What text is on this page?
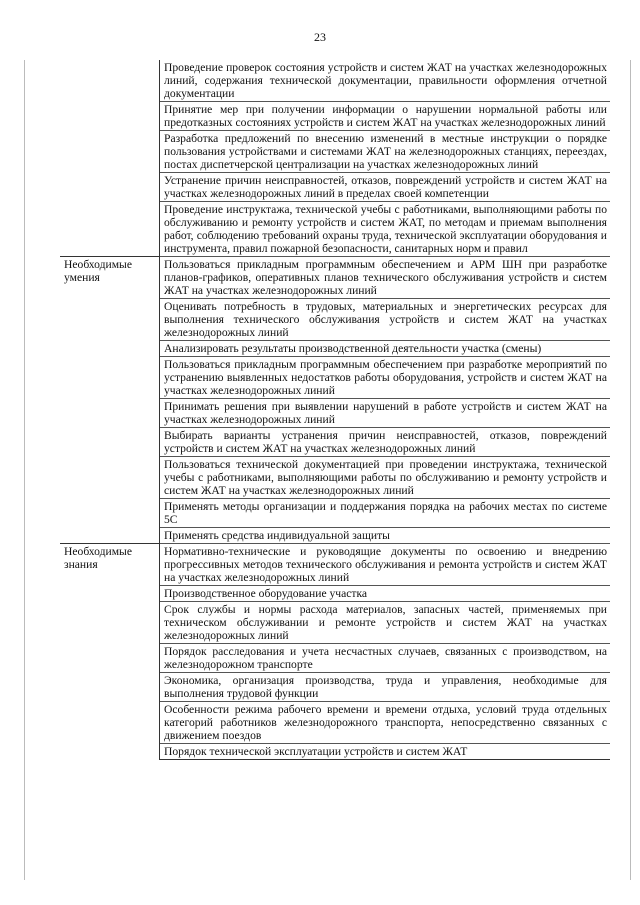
23
	Проведение проверок состояния устройств и систем ЖАТ на участках железнодорожных линий, содержания технической документации, правильности оформления отчетной документации
	Принятие мер при получении информации о нарушении нормальной работы или предотказных состояниях устройств и систем ЖАТ на участках железнодорожных линий
	Разработка предложений по внесению изменений в местные инструкции о порядке пользования устройствами и системами ЖАТ на железнодорожных станциях, переездах, постах диспетчерской централизации на участках железнодорожных линий
	Устранение причин неисправностей, отказов, повреждений устройств и систем ЖАТ на участках железнодорожных линий в пределах своей компетенции
	Проведение инструктажа, технической учебы с работниками, выполняющими работы по обслуживанию и ремонту устройств и систем ЖАТ, по методам и приемам выполнения работ, соблюдению требований охраны труда, технической эксплуатации оборудования и инструмента, правил пожарной безопасности, санитарных норм и правил
Необходимые умения	Пользоваться прикладным программным обеспечением и АРМ ШН при разработке планов-графиков, оперативных планов технического обслуживания устройств и систем ЖАТ на участках железнодорожных линий
	Оценивать потребность в трудовых, материальных и энергетических ресурсах для выполнения технического обслуживания устройств и систем ЖАТ на участках железнодорожных линий
	Анализировать результаты производственной деятельности участка (смены)
	Пользоваться прикладным программным обеспечением при разработке мероприятий по устранению выявленных недостатков работы оборудования, устройств и систем ЖАТ на участках железнодорожных линий
	Принимать решения при выявлении нарушений в работе устройств и систем ЖАТ на участках железнодорожных линий
	Выбирать варианты устранения причин неисправностей, отказов, повреждений устройств и систем ЖАТ на участках железнодорожных линий
	Пользоваться технической документацией при проведении инструктажа, технической учебы с работниками, выполняющими работы по обслуживанию и ремонту устройств и систем ЖАТ на участках железнодорожных линий
	Применять методы организации и поддержания порядка на рабочих местах по системе 5С
	Применять средства индивидуальной защиты
Необходимые знания	Нормативно-технические и руководящие документы по освоению и внедрению прогрессивных методов технического обслуживания и ремонта устройств и систем ЖАТ на участках железнодорожных линий
	Производственное оборудование участка
	Срок службы и нормы расхода материалов, запасных частей, применяемых при техническом обслуживании и ремонте устройств и систем ЖАТ на участках железнодорожных линий
	Порядок расследования и учета несчастных случаев, связанных с производством, на железнодорожном транспорте
	Экономика, организация производства, труда и управления, необходимые для выполнения трудовой функции
	Особенности режима рабочего времени и времени отдыха, условий труда отдельных категорий работников железнодорожного транспорта, непосредственно связанных с движением поездов
	Порядок технической эксплуатации устройств и систем ЖАТ
